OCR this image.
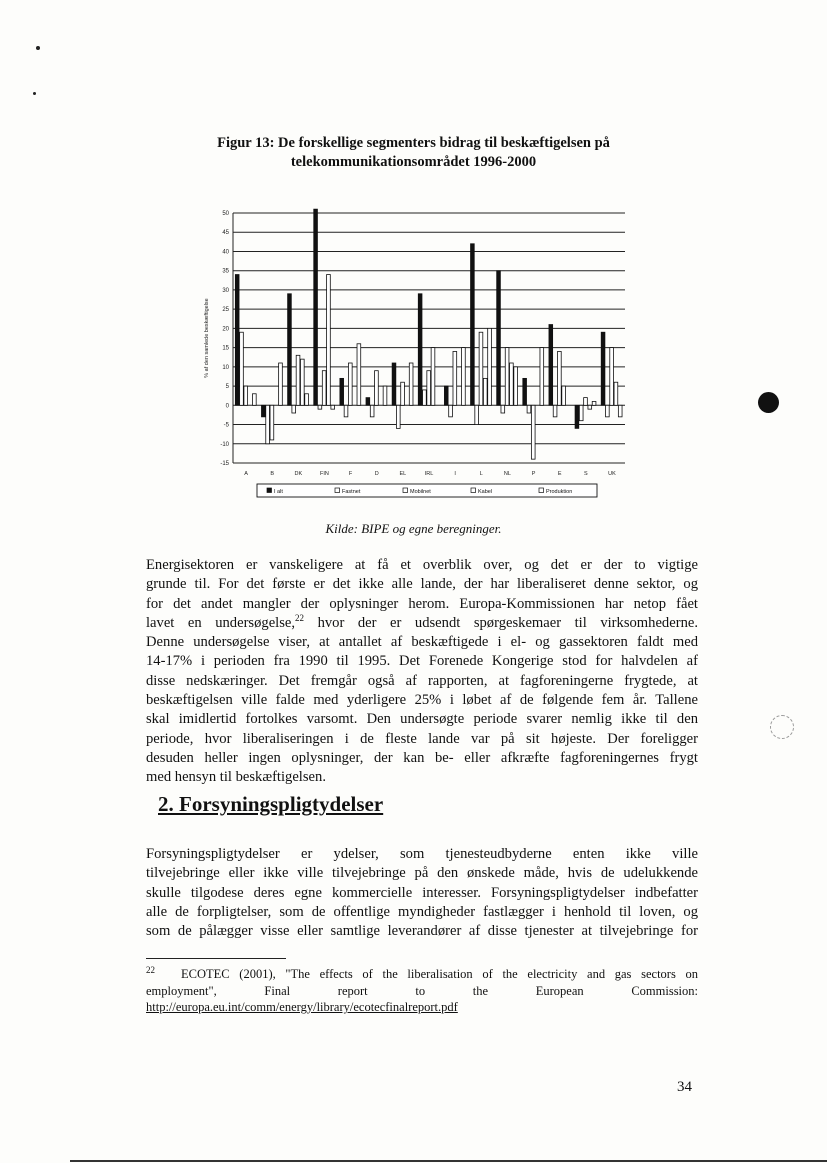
Figur 13: De forskellige segmenters bidrag til beskæftigelsen på
telekommunikationsområdet 1996-2000
50
45
40
35
30
25
20
15
10
5
0
-5
-10
-15
% af den samlede beskæftigelse
A	B	DK	FIN	F	D	EL	IRL	I	L	NL	P	E	S	UK
I alt	Fastnet	Mobilnet	Kabel	Produktion
Kilde: BIPE og egne beregninger.

Energisektoren er vanskeligere at få et overblik over, og det er der to vigtige
grunde til. For det første er det ikke alle lande, der har liberaliseret denne sektor, og
for det andet mangler der oplysninger herom. Europa-Kommissionen har netop fået
lavet en undersøgelse,$^{22}$ hvor der er udsendt spørgeskemaer til virksomhederne.
Denne undersøgelse viser, at antallet af beskæftigede i el- og gassektoren faldt med
14-17% i perioden fra 1990 til 1995. Det Forenede Kongerige stod for halvdelen af
disse nedskæringer. Det fremgår også af rapporten, at fagforeningerne frygtede, at
beskæftigelsen ville falde med yderligere 25% i løbet af de følgende fem år. Tallene
skal imidlertid fortolkes varsomt. Den undersøgte periode svarer nemlig ikke til den
periode, hvor liberaliseringen i de fleste lande var på sit højeste. Der foreligger
desuden heller ingen oplysninger, der kan be- eller afkræfte fagforeningernes frygt
med hensyn til beskæftigelsen.

2. Forsyningspligtydelser

Forsyningspligtydelser er ydelser, som tjenesteudbyderne enten ikke ville
tilvejebringe eller ikke ville tilvejebringe på den ønskede måde, hvis de udelukkende
skulle tilgodese deres egne kommercielle interesser. Forsyningspligtydelser indbefatter
alle de forpligtelser, som de offentlige myndigheder fastlægger i henhold til loven, og
som de pålægger visse eller samtlige leverandører af disse tjenester at tilvejebringe for

$^{22}$ ECOTEC (2001), "The effects of the liberalisation of the electricity and gas sectors on
employment",        Final        report        to        the        European        Commission:
http://europa.eu.int/comm/energy/library/ecotecfinalreport.pdf
34
